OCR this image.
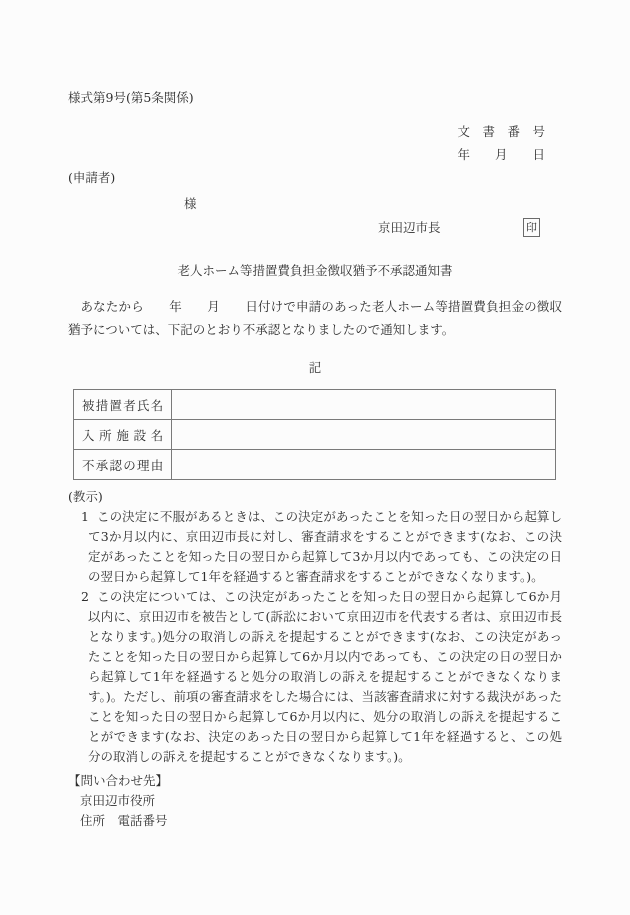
様式第9号(第5条関係)
文　書　番　号
年　　月　　日
(申請者)
様
京田辺市長	印
老人ホーム等措置費負担金徴収猶予不承認通知書
あなたから　　年　　月　　日付けで申請のあった老人ホーム等措置費負担金の徴収猶予については、下記のとおり不承認となりましたので通知します。
記
被措置者氏名	
入所施設名	
不承認の理由	
(教示)
1 この決定に不服があるときは、この決定があったことを知った日の翌日から起算して3か月以内に、京田辺市長に対し、審査請求をすることができます(なお、この決定があったことを知った日の翌日から起算して3か月以内であっても、この決定の日の翌日から起算して1年を経過すると審査請求をすることができなくなります。)。
2 この決定については、この決定があったことを知った日の翌日から起算して6か月以内に、京田辺市を被告として(訴訟において京田辺市を代表する者は、京田辺市長となります。)処分の取消しの訴えを提起することができます(なお、この決定があったことを知った日の翌日から起算して6か月以内であっても、この決定の日の翌日から起算して1年を経過すると処分の取消しの訴えを提起することができなくなります。)。ただし、前項の審査請求をした場合には、当該審査請求に対する裁決があったことを知った日の翌日から起算して6か月以内に、処分の取消しの訴えを提起することができます(なお、決定のあった日の翌日から起算して1年を経過すると、この処分の取消しの訴えを提起することができなくなります。)。
【問い合わせ先】
京田辺市役所
住所　電話番号
